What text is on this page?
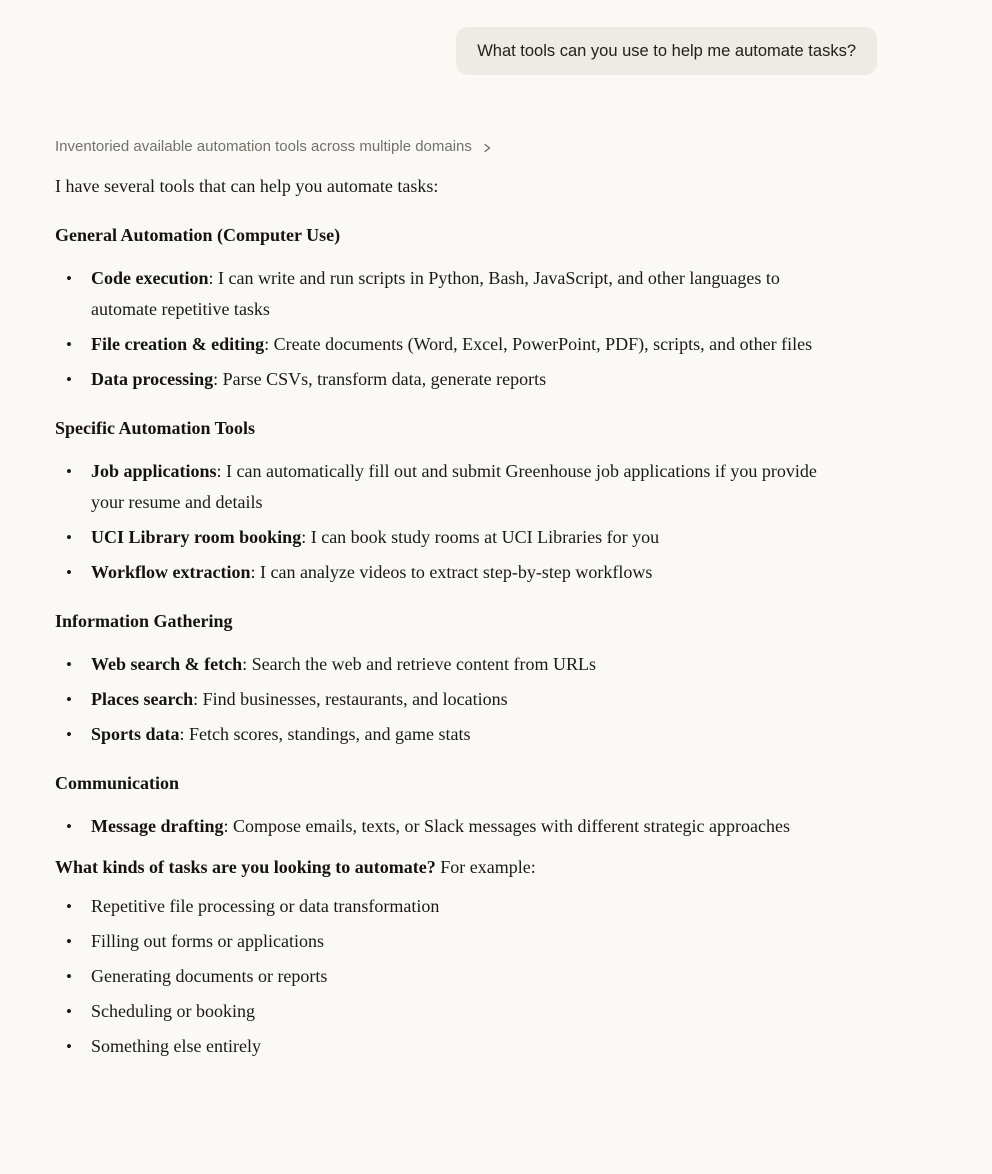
What tools can you use to help me automate tasks?
Inventoried available automation tools across multiple domains

I have several tools that can help you automate tasks:

General Automation (Computer Use)
• Code execution: I can write and run scripts in Python, Bash, JavaScript, and other languages to automate repetitive tasks
• File creation & editing: Create documents (Word, Excel, PowerPoint, PDF), scripts, and other files
• Data processing: Parse CSVs, transform data, generate reports
Specific Automation Tools
• Job applications: I can automatically fill out and submit Greenhouse job applications if you provide your resume and details
• UCI Library room booking: I can book study rooms at UCI Libraries for you
• Workflow extraction: I can analyze videos to extract step-by-step workflows
Information Gathering
• Web search & fetch: Search the web and retrieve content from URLs
• Places search: Find businesses, restaurants, and locations
• Sports data: Fetch scores, standings, and game stats
Communication
• Message drafting: Compose emails, texts, or Slack messages with different strategic approaches

What kinds of tasks are you looking to automate? For example:

• Repetitive file processing or data transformation
• Filling out forms or applications
• Generating documents or reports
• Scheduling or booking
• Something else entirely
